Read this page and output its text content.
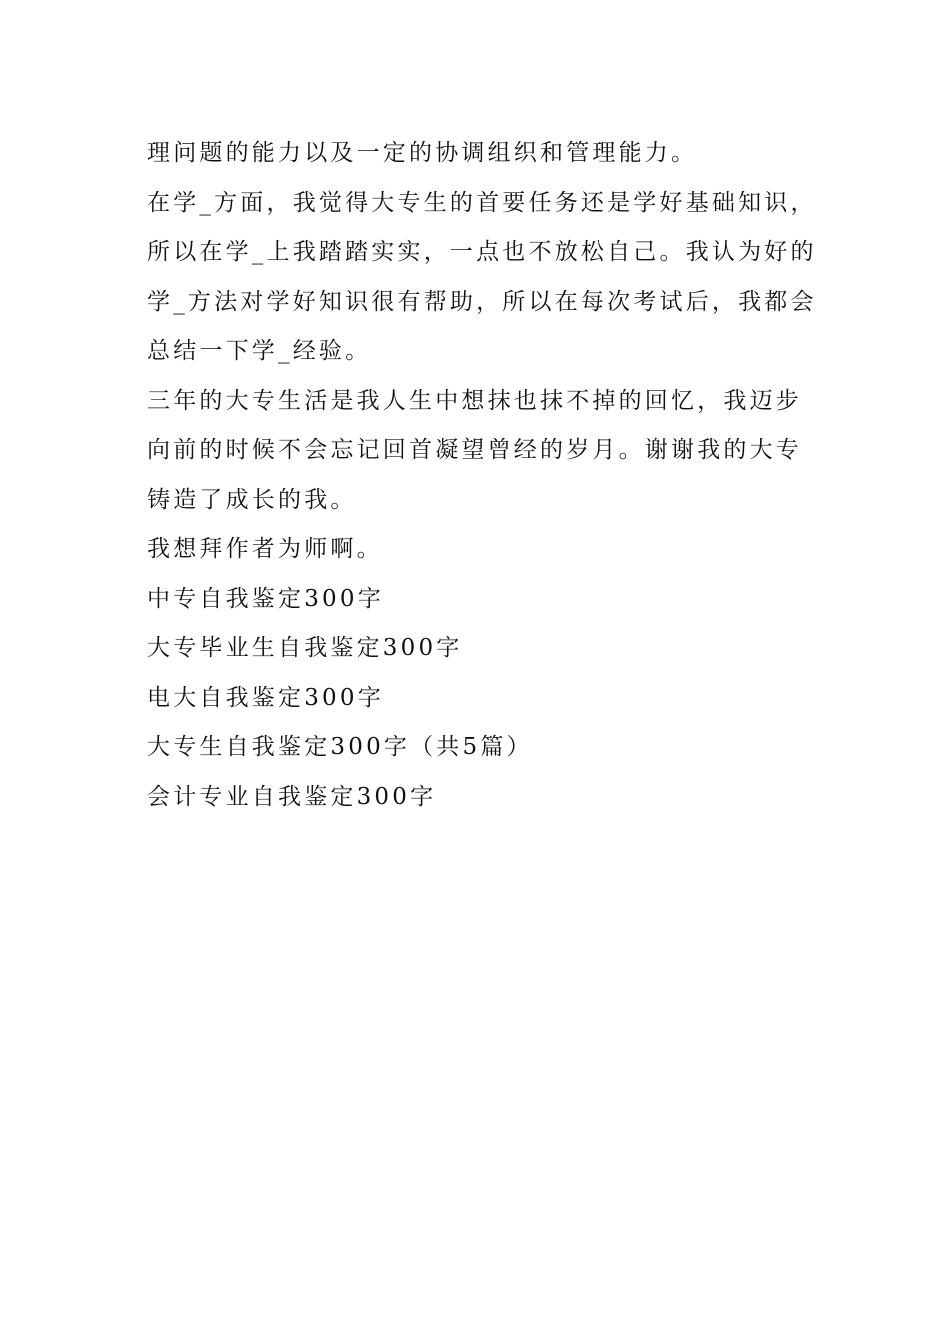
理问题的能力以及一定的协调组织和管理能力。
在学_方面，我觉得大专生的首要任务还是学好基础知识，
所以在学_上我踏踏实实，一点也不放松自己。我认为好的
学_方法对学好知识很有帮助，所以在每次考试后，我都会
总结一下学_经验。
三年的大专生活是我人生中想抹也抹不掉的回忆，我迈步
向前的时候不会忘记回首凝望曾经的岁月。谢谢我的大专
铸造了成长的我。
我想拜作者为师啊。
中专自我鉴定300字
大专毕业生自我鉴定300字
电大自我鉴定300字
大专生自我鉴定300字（共5篇）
会计专业自我鉴定300字
